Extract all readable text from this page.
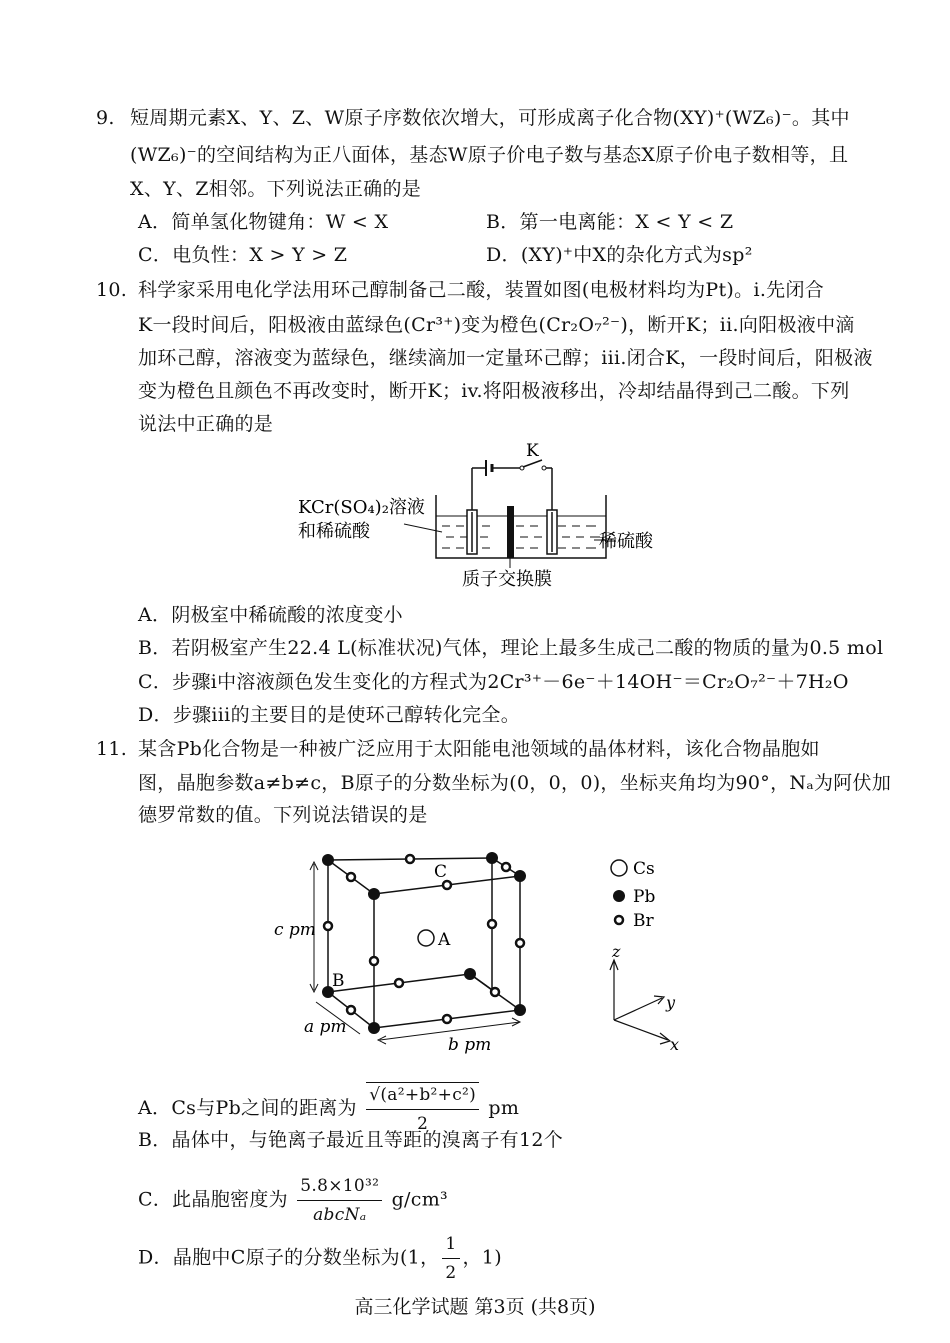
9. 短周期元素X、Y、Z、W原子序数依次增大，可形成离子化合物(XY)⁺(WZ₆)⁻。其中
(WZ₆)⁻的空间结构为正八面体，基态W原子价电子数与基态X原子价电子数相等，且
X、Y、Z相邻。下列说法正确的是
A．简单氢化物键角：W < X	B．第一电离能：X < Y < Z
C．电负性：X > Y > Z	D．(XY)⁺中X的杂化方式为sp²
10. 科学家采用电化学法用环己醇制备己二酸，装置如图(电极材料均为Pt)。i.先闭合
K一段时间后，阳极液由蓝绿色(Cr³⁺)变为橙色(Cr₂O₇²⁻)，断开K；ii.向阳极液中滴
加环己醇，溶液变为蓝绿色，继续滴加一定量环己醇；iii.闭合K，一段时间后，阳极液
变为橙色且颜色不再改变时，断开K；iv.将阳极液移出，冷却结晶得到己二酸。下列
说法中正确的是
K
KCr(SO₄)₂溶液
和稀硫酸	稀硫酸
质子交换膜
A．阴极室中稀硫酸的浓度变小
B．若阴极室产生22.4 L(标准状况)气体，理论上最多生成己二酸的物质的量为0.5 mol
C．步骤i中溶液颜色发生变化的方程式为2Cr³⁺－6e⁻＋14OH⁻＝Cr₂O₇²⁻＋7H₂O
D．步骤iii的主要目的是使环己醇转化完全。
11. 某含Pb化合物是一种被广泛应用于太阳能电池领域的晶体材料，该化合物晶胞如
图，晶胞参数a≠b≠c，B原子的分数坐标为(0，0，0)，坐标夹角均为90°，Nₐ为阿伏加
德罗常数的值。下列说法错误的是
C
A
B
c pm
a pm
b pm
Cs
Pb
Br
z
y
x
A．Cs与Pb之间的距离为 $\frac{\text{√(a²+b²+c²)}}{2}$ pm
B．晶体中，与铯离子最近且等距的溴离子有12个
C．此晶胞密度为 $\frac{\text{5.8×10³²}}{\text{abcNₐ}} g/cm^3$
D．晶胞中C原子的分数坐标为(1， $\frac{1}{2}$ ，1)
高三化学试题 第3页 (共8页)
